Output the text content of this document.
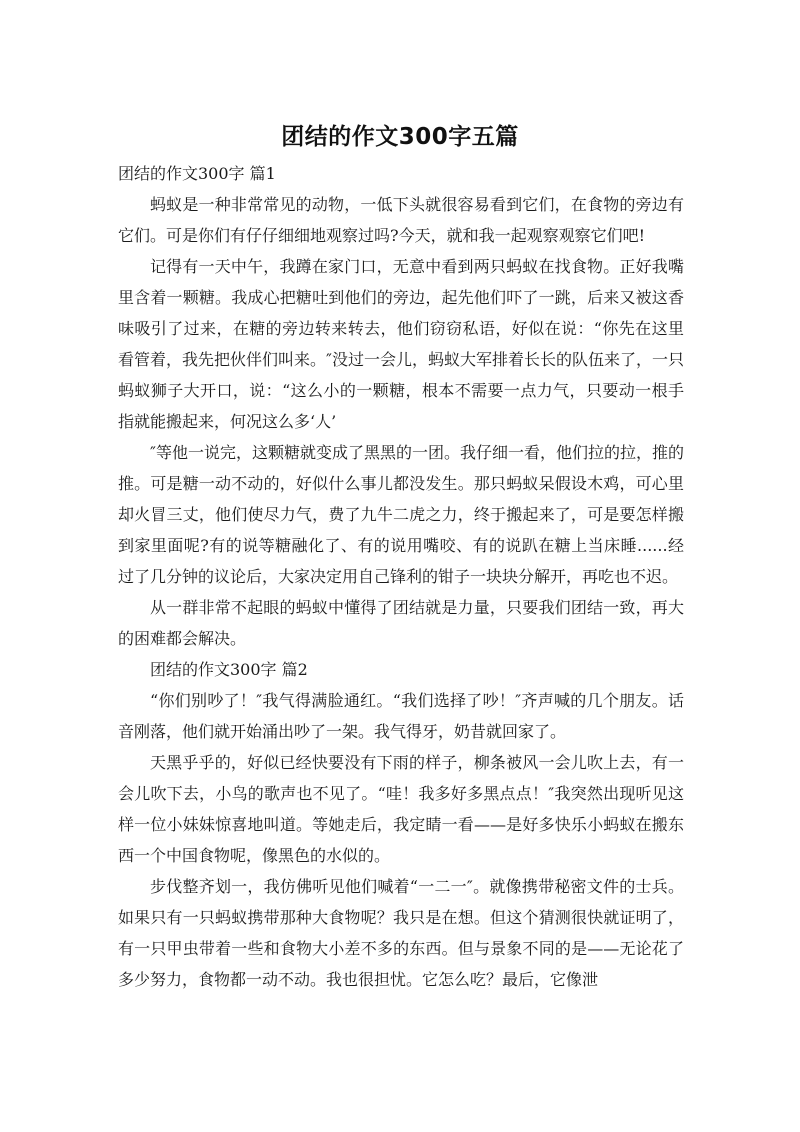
团结的作文300字五篇

团结的作文300字 篇1

蚂蚁是一种非常常见的动物，一低下头就很容易看到它们，在食物的旁边有它们。可是你们有仔仔细细地观察过吗?今天，就和我一起观察观察它们吧!

记得有一天中午，我蹲在家门口，无意中看到两只蚂蚁在找食物。正好我嘴里含着一颗糖。我成心把糖吐到他们的旁边，起先他们吓了一跳，后来又被这香味吸引了过来，在糖的旁边转来转去，他们窃窃私语，好似在说：“你先在这里看管着，我先把伙伴们叫来。″没过一会儿，蚂蚁大军排着长长的队伍来了，一只蚂蚁狮子大开口，说：“这么小的一颗糖，根本不需要一点力气，只要动一根手指就能搬起来，何况这么多‘人’

″等他一说完，这颗糖就变成了黑黑的一团。我仔细一看，他们拉的拉，推的推。可是糖一动不动的，好似什么事儿都没发生。那只蚂蚁呆假设木鸡，可心里却火冒三丈，他们使尽力气，费了九牛二虎之力，终于搬起来了，可是要怎样搬到家里面呢?有的说等糖融化了、有的说用嘴咬、有的说趴在糖上当床睡......经过了几分钟的议论后，大家决定用自己锋利的钳子一块块分解开，再吃也不迟。

从一群非常不起眼的蚂蚁中懂得了团结就是力量，只要我们团结一致，再大的困难都会解决。

团结的作文300字 篇2

“你们别吵了！″我气得满脸通红。“我们选择了吵！″齐声喊的几个朋友。话音刚落，他们就开始涌出吵了一架。我气得牙，奶昔就回家了。

天黑乎乎的，好似已经快要没有下雨的样子，柳条被风一会儿吹上去，有一会儿吹下去，小鸟的歌声也不见了。“哇！我多好多黑点点！″我突然出现听见这样一位小妹妹惊喜地叫道。等她走后，我定睛一看——是好多快乐小蚂蚁在搬东西一个中国食物呢，像黑色的水似的。

步伐整齐划一，我仿佛听见他们喊着“一二一″。就像携带秘密文件的士兵。如果只有一只蚂蚁携带那种大食物呢？我只是在想。但这个猜测很快就证明了，有一只甲虫带着一些和食物大小差不多的东西。但与景象不同的是——无论花了多少努力，食物都一动不动。我也很担忧。它怎么吃？最后，它像泄
